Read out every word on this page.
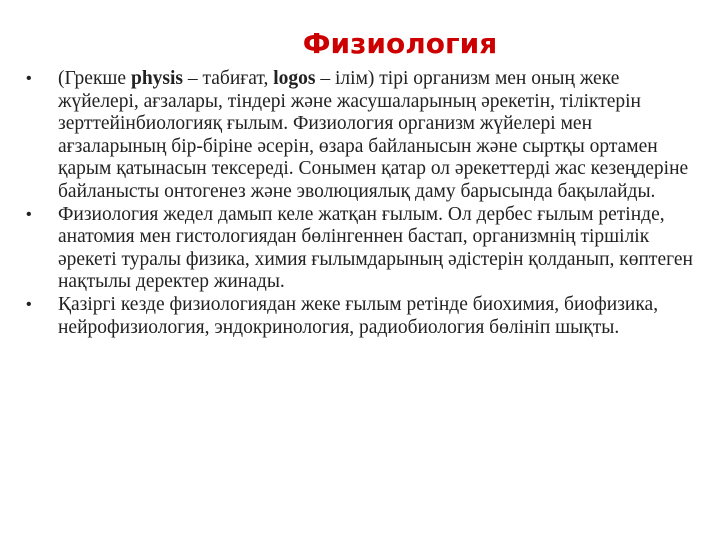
Физиология
• (Грекше physis – табиғат, logos – ілім) тірі организм мен оның жеке жүйелері, ағзалары, тіндері және жасушаларының әрекетін, тіліктерін зерттейінбиологияқ ғылым. Физиология организм жүйелері мен ағзаларының бір-біріне әсерін, өзара байланысын және сыртқы ортамен қарым қатынасын тексереді. Сонымен қатар ол әрекеттерді жас кезеңдеріне байланысты онтогенез және эволюциялық даму барысында бақылайды.
• Физиология жедел дамып келе жатқан ғылым. Ол дербес ғылым ретінде, анатомия мен гистологиядан бөлінгеннен бастап, организмнің тіршілік әрекеті туралы физика, химия ғылымдарының әдістерін қолданып, көптеген нақтылы деректер жинады.
• Қазіргі кезде физиологиядан жеке ғылым ретінде биохимия, биофизика, нейрофизиология, эндокринология, радиобиология бөлініп шықты.
